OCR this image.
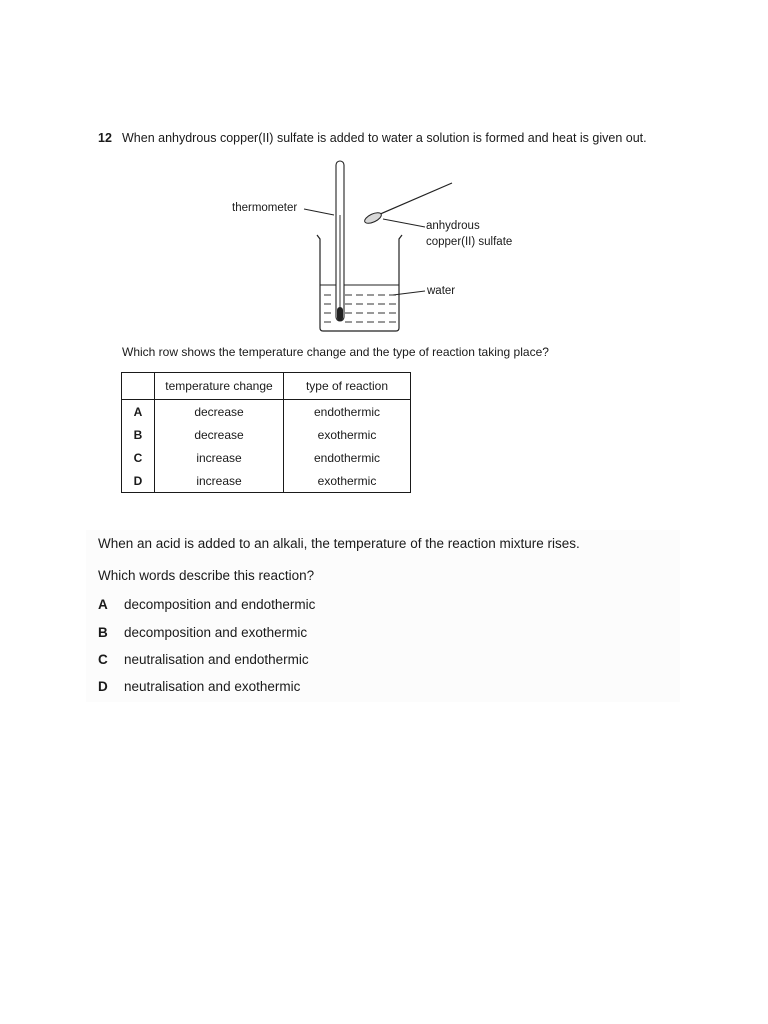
12 When anhydrous copper(II) sulfate is added to water a solution is formed and heat is given out.
thermometer
anhydrous
copper(II) sulfate
water
Which row shows the temperature change and the type of reaction taking place?
	temperature change	type of reaction
A	decrease	endothermic
B	decrease	exothermic
C	increase	endothermic
D	increase	exothermic
When an acid is added to an alkali, the temperature of the reaction mixture rises.
Which words describe this reaction?
A decomposition and endothermic
B decomposition and exothermic
C neutralisation and endothermic
D neutralisation and exothermic
